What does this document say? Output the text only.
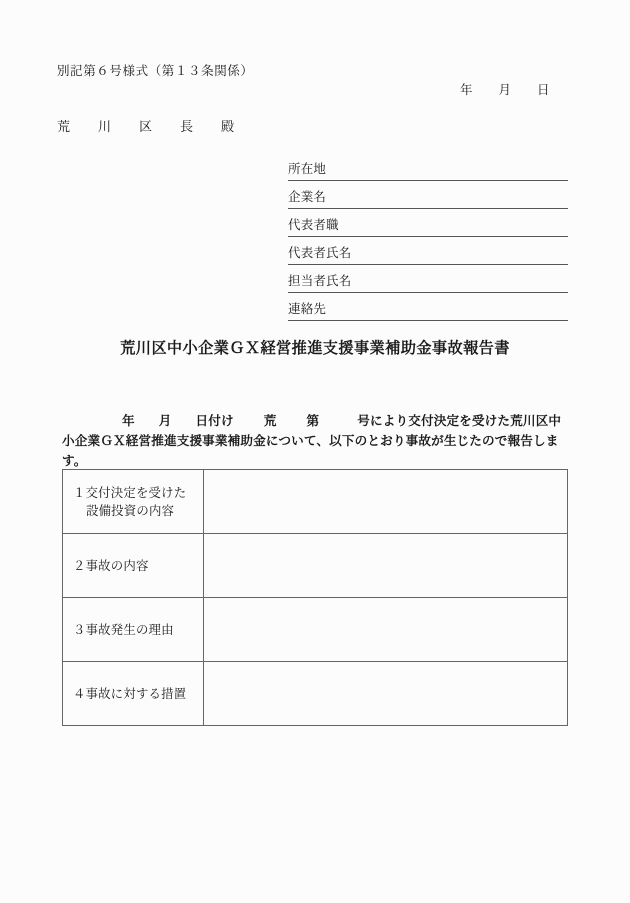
別記第６号様式（第１３条関係）
年 月 日
荒　川　区　長　殿
所在地
企業名
代表者職
代表者氏名
担当者氏名
連絡先
荒川区中小企業ＧＸ経営推進支援事業補助金事故報告書
年 月 日付け 荒 第	号により交付決定を受けた荒川区中小企業ＧＸ経営推進支援事業補助金について、以下のとおり事故が生じたので報告します。
１交付決定を受けた
設備投資の内容	

２事故の内容	
３事故発生の理由	
４事故に対する措置	
